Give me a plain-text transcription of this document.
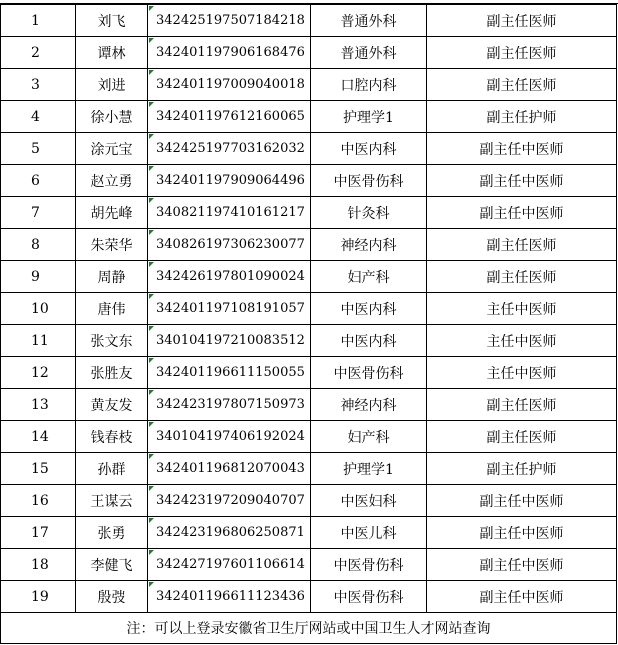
1	刘飞	342425197507184218	普通外科	副主任医师
2	谭林	342401197906168476	普通外科	副主任医师
3	刘进	342401197009040018	口腔内科	副主任医师
4	徐小慧	342401197612160065	护理学1	副主任护师
5	涂元宝	342425197703162032	中医内科	副主任中医师
6	赵立勇	342401197909064496	中医骨伤科	副主任中医师
7	胡先峰	340821197410161217	针灸科	副主任中医师
8	朱荣华	340826197306230077	神经内科	副主任医师
9	周静	342426197801090024	妇产科	副主任医师
10	唐伟	342401197108191057	中医内科	主任中医师
11	张文东	340104197210083512	中医内科	主任中医师
12	张胜友	342401196611150055	中医骨伤科	主任中医师
13	黄友发	342423197807150973	神经内科	副主任医师
14	钱春枝	340104197406192024	妇产科	副主任医师
15	孙群	342401196812070043	护理学1	副主任护师
16	王谋云	342423197209040707	中医妇科	副主任中医师
17	张勇	342423196806250871	中医儿科	副主任中医师
18	李健飞	342427197601106614	中医骨伤科	副主任中医师
19	殷弢	342401196611123436	中医骨伤科	副主任中医师
注：可以上登录安徽省卫生厅网站或中国卫生人才网站查询				
